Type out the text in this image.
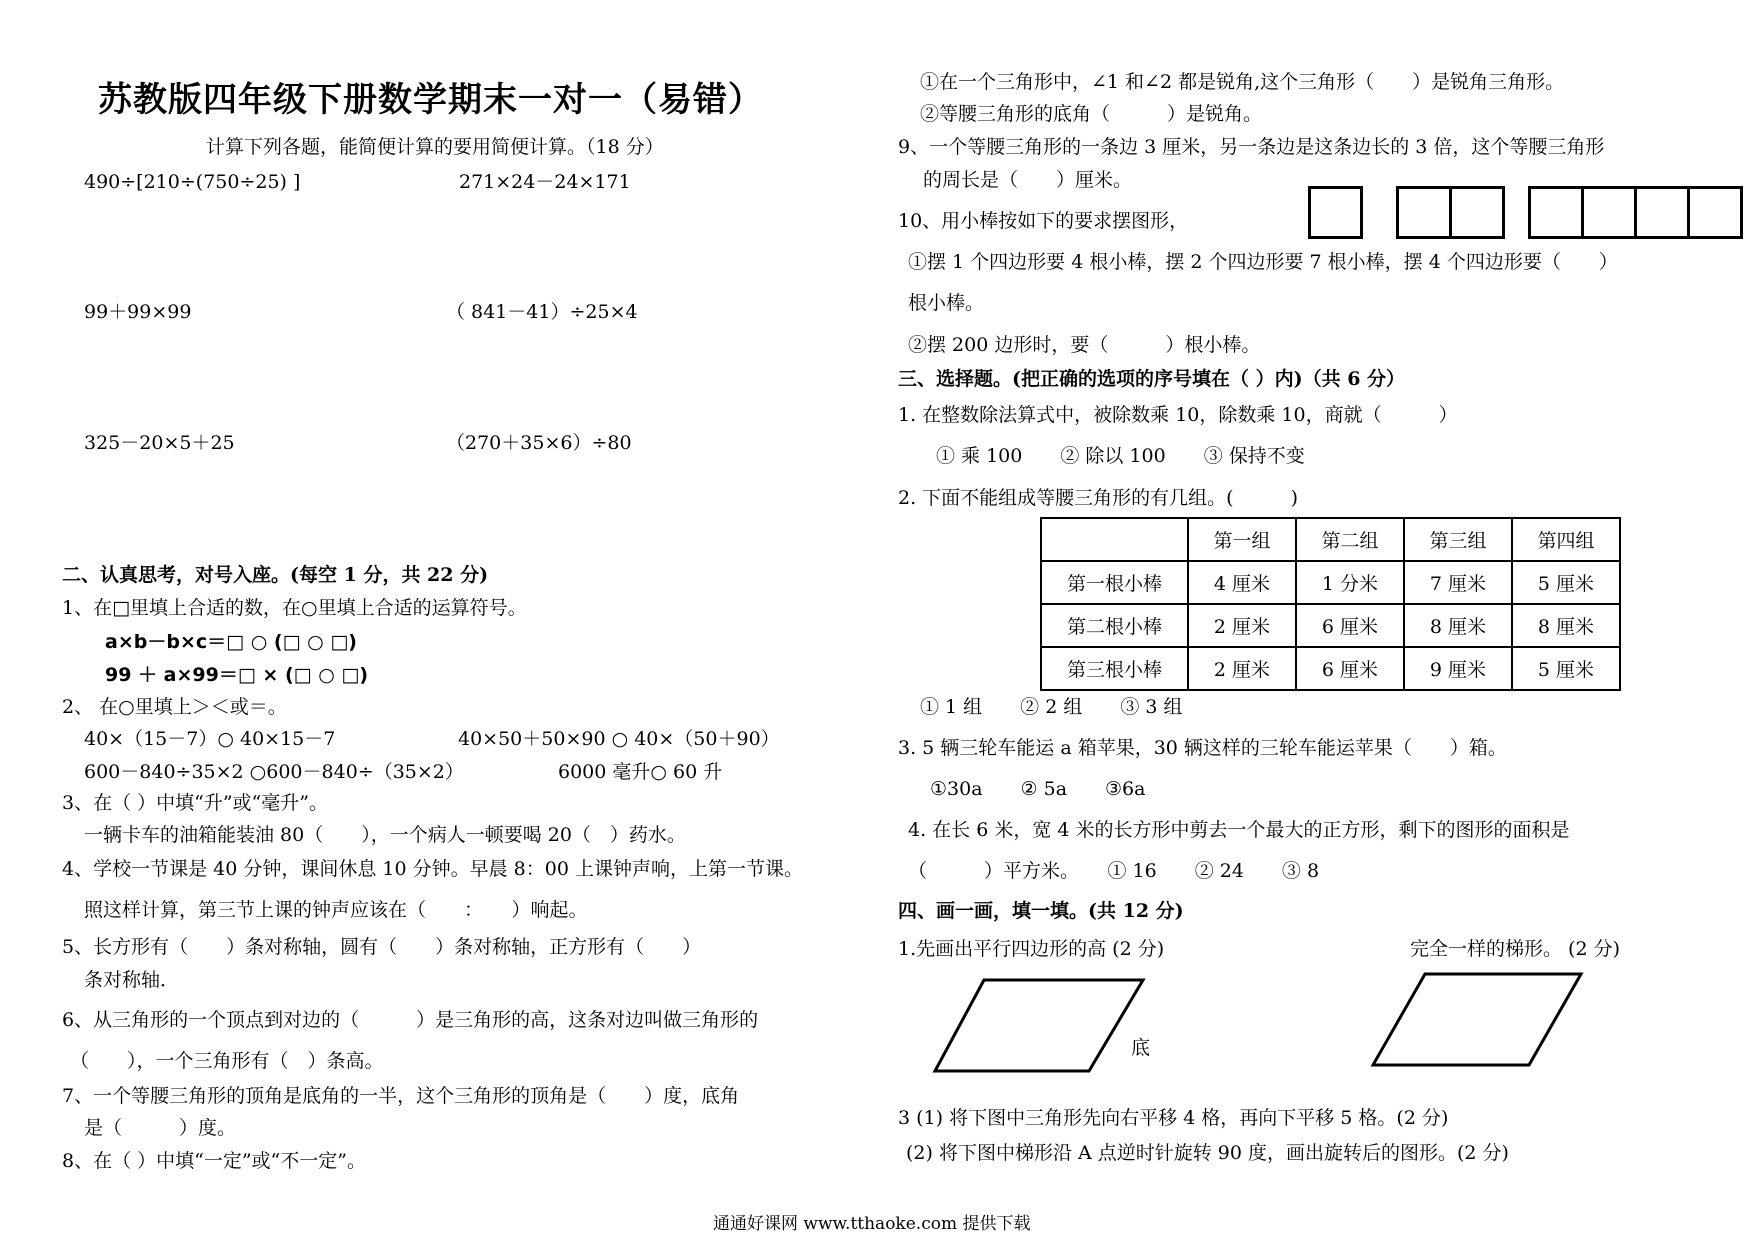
苏教版四年级下册数学期末一对一（易错）
计算下列各题，能简便计算的要用简便计算。（18 分）
490÷[210÷(750÷25) ]	271×24－24×171
99＋99×99	（ 841－41）÷25×4
325－20×5＋25	（270＋35×6）÷80
二、认真思考，对号入座。(每空 1 分，共 22 分)
1、在□里填上合适的数，在○里填上合适的运算符号。
a×b－b×c＝□ ○ (□ ○ □)
99 ＋ a×99＝□ × (□ ○ □)
2、 在○里填上＞＜或＝。
40×（15－7）○ 40×15－7	40×50＋50×90 ○ 40×（50＋90）
600－840÷35×2 ○600－840÷（35×2）	6000 毫升○ 60 升
3、在（ ）中填“升”或“毫升”。
一辆卡车的油箱能装油 80（　　），一个病人一顿要喝 20（　）药水。
4、学校一节课是 40 分钟，课间休息 10 分钟。早晨 8：00 上课钟声响，上第一节课。
照这样计算，第三节上课的钟声应该在（　　：　　）响起。
5、长方形有（　　）条对称轴，圆有（　　）条对称轴，正方形有（　　）
条对称轴．
6、从三角形的一个顶点到对边的（　　　）是三角形的高，这条对边叫做三角形的
（　　），一个三角形有（　）条高。
7、一个等腰三角形的顶角是底角的一半，这个三角形的顶角是（　　）度，底角
是（　　　）度。
8、在（ ）中填“一定”或“不一定”。
①在一个三角形中，∠1 和∠2 都是锐角,这个三角形（　　）是锐角三角形。
②等腰三角形的底角（　　　）是锐角。
9、一个等腰三角形的一条边 3 厘米，另一条边是这条边长的 3 倍，这个等腰三角形
的周长是（　　）厘米。
10、用小棒按如下的要求摆图形，
①摆 1 个四边形要 4 根小棒，摆 2 个四边形要 7 根小棒，摆 4 个四边形要（　　）
根小棒。
②摆 200 边形时，要（　　　）根小棒。
三、选择题。(把正确的选项的序号填在（ ）内)（共 6 分）
1. 在整数除法算式中，被除数乘 10，除数乘 10，商就（　　　）
① 乘 100　　② 除以 100　　③ 保持不变
2. 下面不能组成等腰三角形的有几组。(　　　)
	第一组	第二组	第三组	第四组
第一根小棒	4 厘米	1 分米	7 厘米	5 厘米
第二根小棒	2 厘米	6 厘米	8 厘米	8 厘米
第三根小棒	2 厘米	6 厘米	9 厘米	5 厘米
① 1 组　　② 2 组　　③ 3 组
3. 5 辆三轮车能运 a 箱苹果，30 辆这样的三轮车能运苹果（　　）箱。
①30a　　② 5a　　③6a
4. 在长 6 米，宽 4 米的长方形中剪去一个最大的正方形，剩下的图形的面积是
（　　　）平方米。　　① 16　　② 24　　③ 8
四、画一画，填一填。(共 12 分)
1.先画出平行四边形的高 (2 分)	完全一样的梯形。 (2 分)
底
3 (1) 将下图中三角形先向右平移 4 格，再向下平移 5 格。(2 分)
(2) 将下图中梯形沿 A 点逆时针旋转 90 度，画出旋转后的图形。(2 分)
通通好课网 www.tthaoke.com 提供下载
